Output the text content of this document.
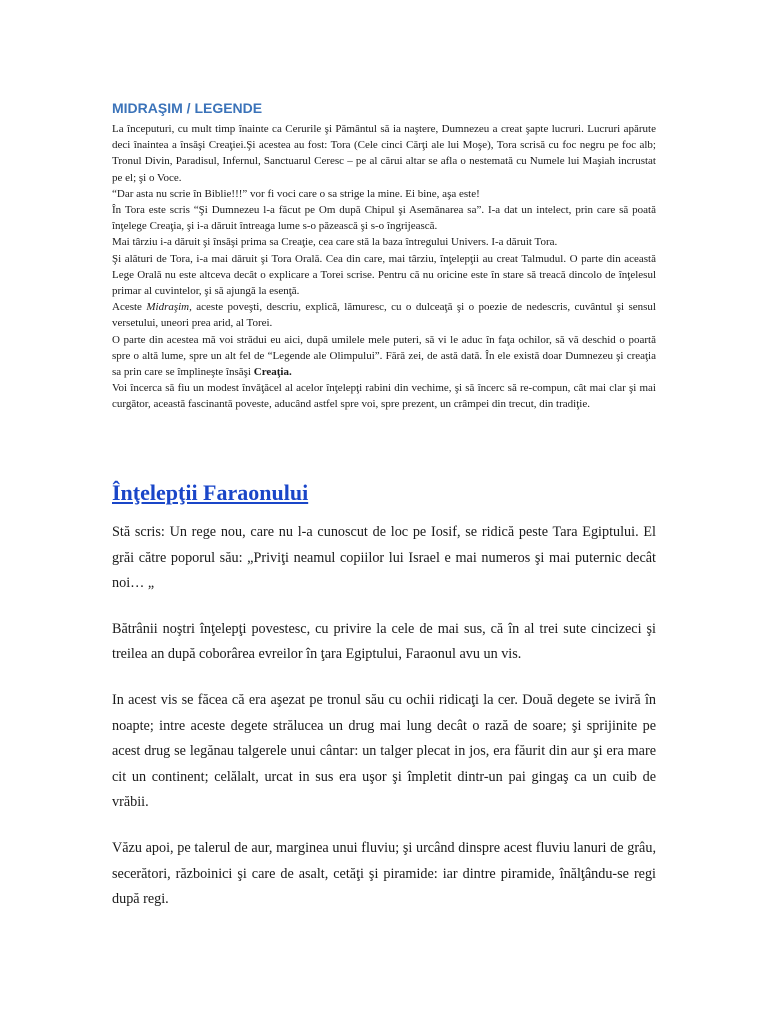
MIDRAŞIM / LEGENDE

La începuturi, cu mult timp înainte ca Cerurile şi Pământul să ia naştere, Dumnezeu a creat şapte lucruri. Lucruri apărute deci înaintea a însăşi Creaţiei.Şi acestea au fost: Tora (Cele cinci Cărţi ale lui Moşe), Tora scrisă cu foc negru pe foc alb; Tronul Divin, Paradisul, Infernul, Sanctuarul Ceresc – pe al cărui altar se afla o nestemată cu Numele lui Maşiah incrustat pe el; şi o Voce.

“Dar asta nu scrie în Biblie!!!” vor fi voci care o sa strige la mine. Ei bine, aşa este!

În Tora este scris “Şi Dumnezeu l-a făcut pe Om după Chipul şi Asemănarea sa”. I-a dat un intelect, prin care să poată înţelege Creaţia, şi i-a dăruit întreaga lume s-o păzească şi s-o îngrijească.

Mai târziu i-a dăruit şi însăşi prima sa Creaţie, cea care stă la baza întregului Univers. I-a dăruit Tora.

Şi alături de Tora, i-a mai dăruit şi Tora Orală. Cea din care, mai târziu, înţelepţii au creat Talmudul. O parte din această Lege Orală nu este altceva decât o explicare a Torei scrise. Pentru că nu oricine este în stare să treacă dincolo de înţelesul primar al cuvintelor, şi să ajungă la esenţă.

Aceste Midraşim, aceste poveşti, descriu, explică, lămuresc, cu o dulceaţă şi o poezie de nedescris, cuvântul şi sensul versetului, uneori prea arid, al Torei.

O parte din acestea mă voi strădui eu aici, după umilele mele puteri, să vi le aduc în faţa ochilor, să vă deschid o poartă spre o altă lume, spre un alt fel de “Legende ale Olimpului”. Fără zei, de astă dată. În ele există doar Dumnezeu şi creaţia sa prin care se împlineşte însăşi Creaţia.

Voi încerca să fiu un modest învăţăcel al acelor înţelepţi rabini din vechime, şi să încerc să re-compun, cât mai clar şi mai curgător, această fascinantă poveste, aducând astfel spre voi, spre prezent, un crâmpei din trecut, din tradiţie.

Înţelepţii Faraonului

Stă scris: Un rege nou, care nu l-a cunoscut de loc pe Iosif, se ridică peste Tara Egiptului. El grăi către poporul său: „Priviţi neamul copiilor lui Israel e mai numeros şi mai puternic decât noi… „

Bătrânii noştri înţelepţi povestesc, cu privire la cele de mai sus, că în al trei sute cincizeci şi treilea an după coborârea evreilor în ţara Egiptului, Faraonul avu un vis.

In acest vis se făcea că era aşezat pe tronul său cu ochii ridicaţi la cer. Două degete se iviră în noapte; intre aceste degete strălucea un drug mai lung decât o rază de soare; şi sprijinite pe acest drug se legănau talgerele unui cântar: un talger plecat in jos, era făurit din aur şi era mare cit un continent; celălalt, urcat in sus era uşor şi împletit dintr-un pai gingaş ca un cuib de vrăbii.

Văzu apoi, pe talerul de aur, marginea unui fluviu; şi urcând dinspre acest fluviu lanuri de grâu, secerători, războinici şi care de asalt, cetăţi şi piramide: iar dintre piramide, înălţându-se regi după regi.
